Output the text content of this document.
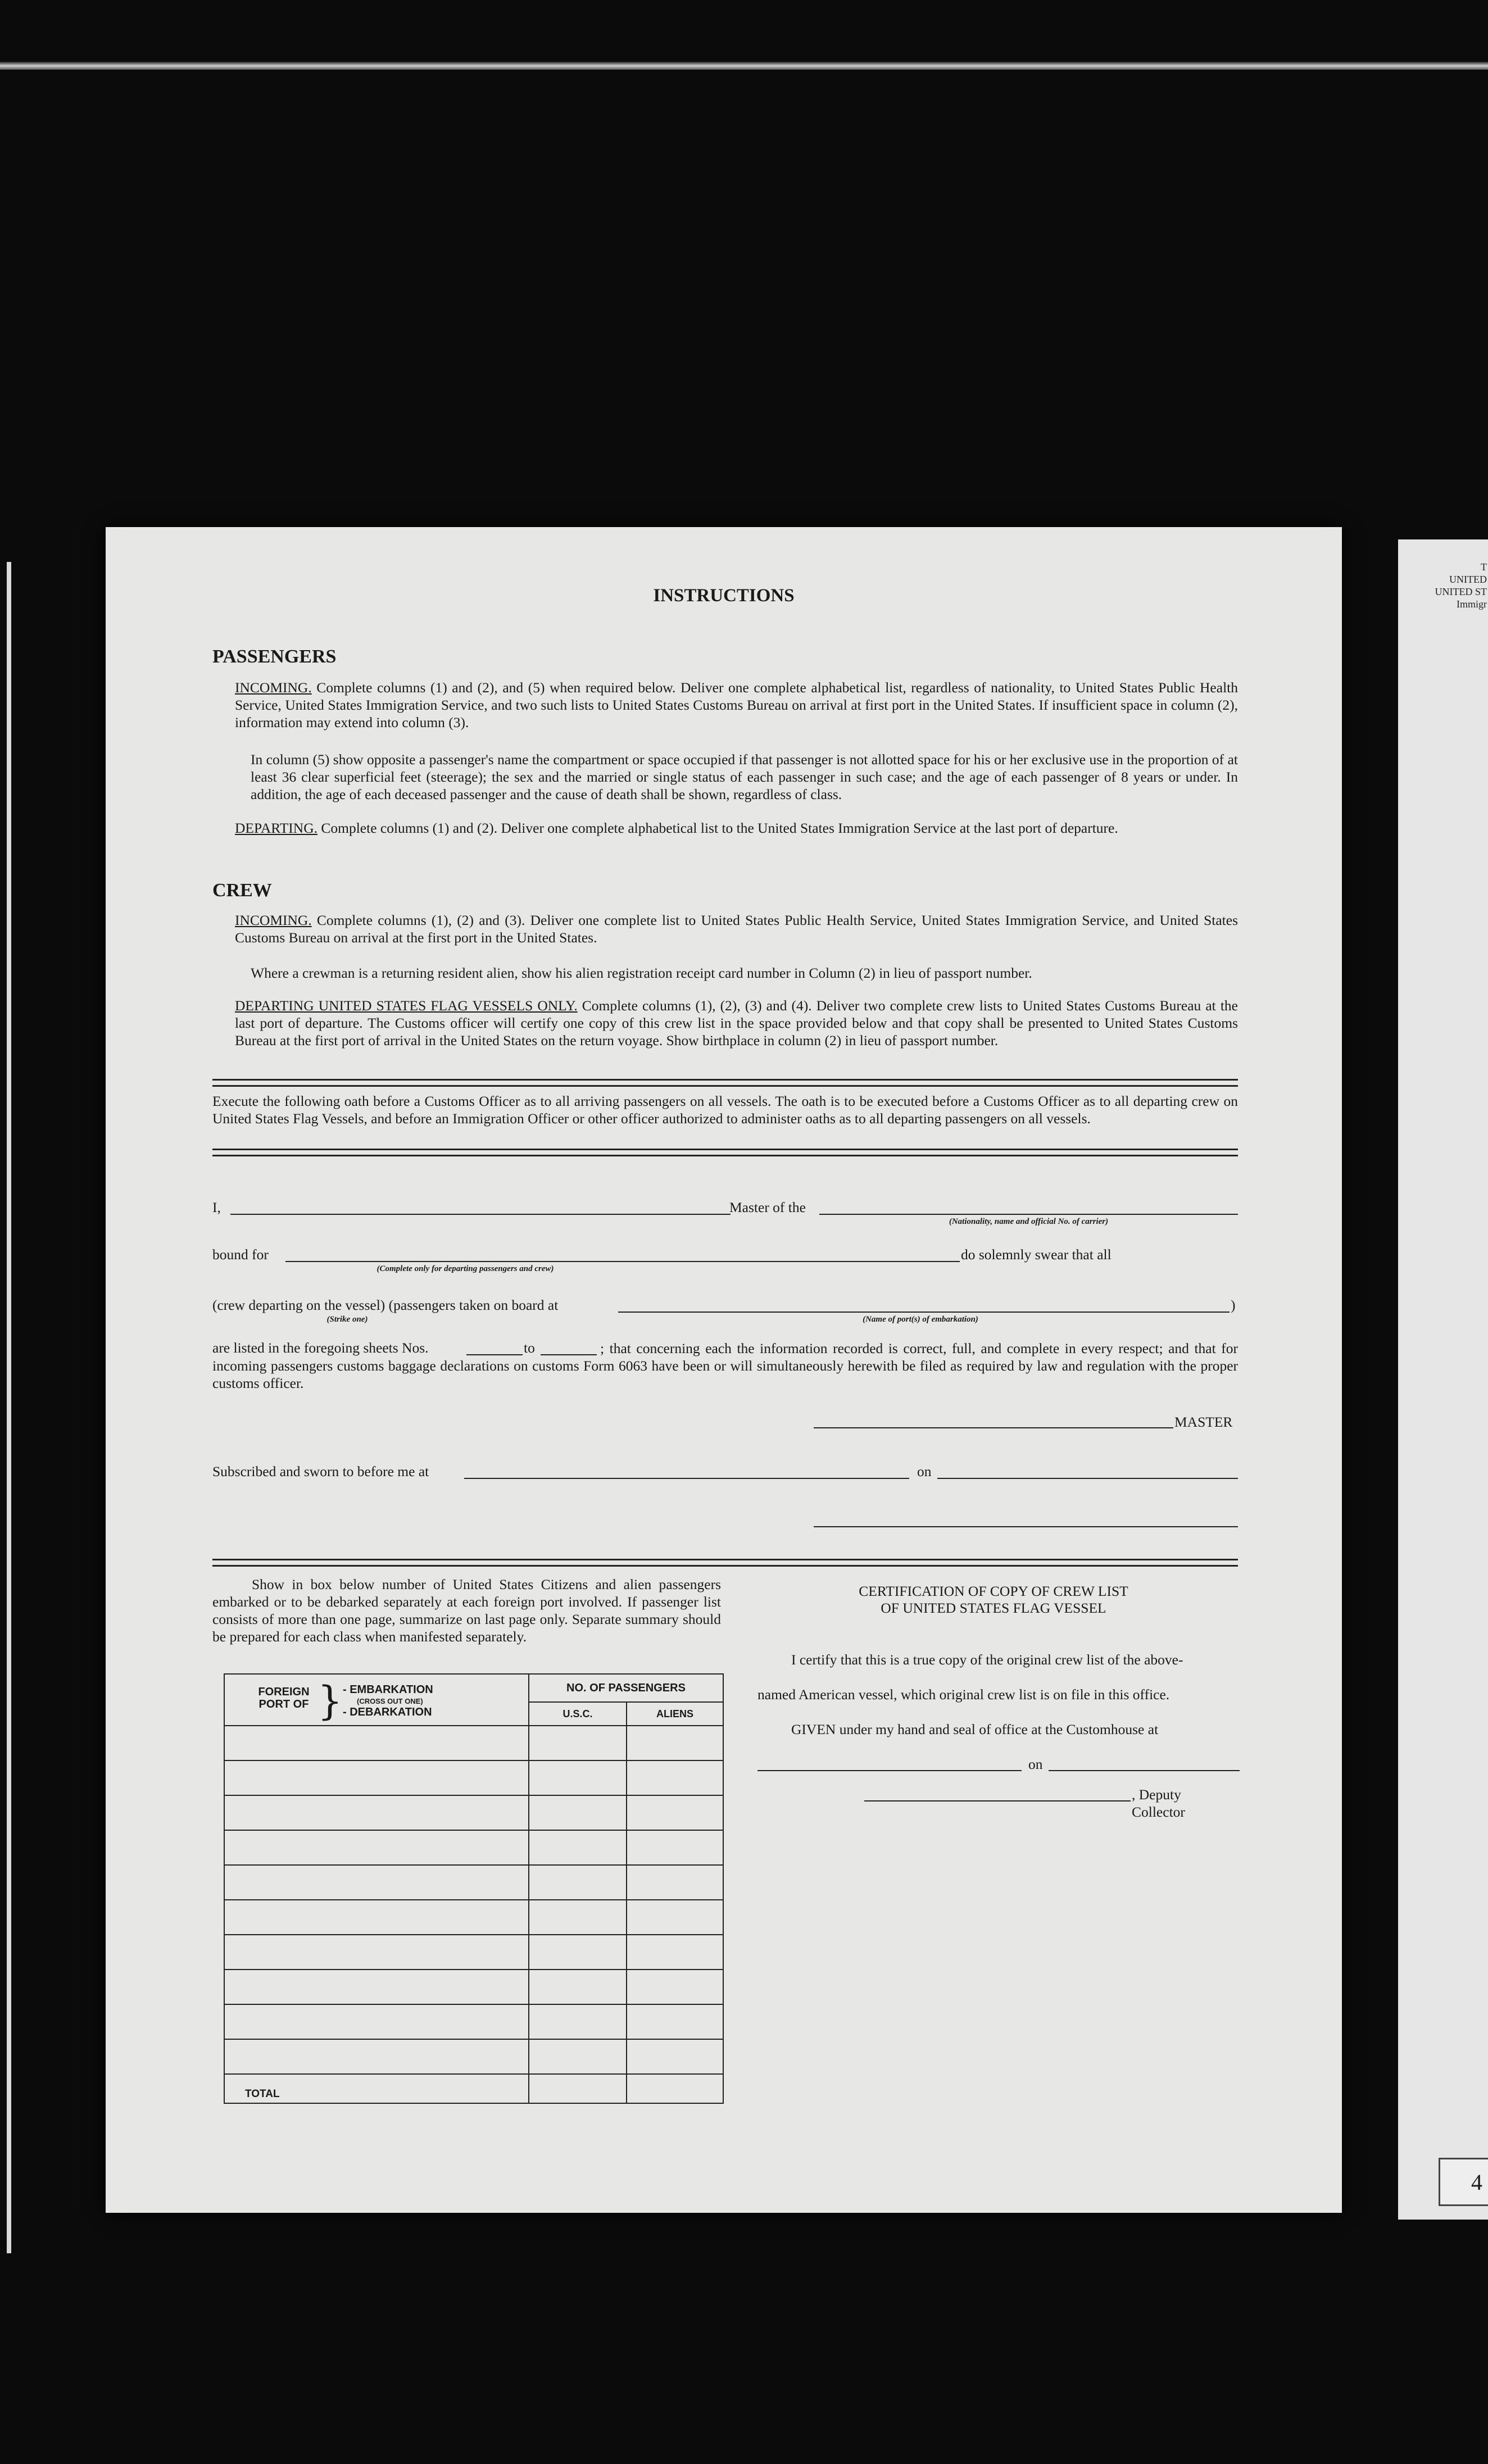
T
UNITED
UNITED ST
Immigr
4
INSTRUCTIONS
PASSENGERS
INCOMING. Complete columns (1) and (2), and (5) when required below. Deliver one complete alphabetical list, regardless of nationality, to United States Public Health Service, United States Immigration Service, and two such lists to United States Customs Bureau on arrival at first port in the United States. If insufficient space in column (2), information may extend into column (3).
In column (5) show opposite a passenger's name the compartment or space occupied if that passenger is not allotted space for his or her exclusive use in the proportion of at least 36 clear superficial feet (steerage); the sex and the married or single status of each passenger in such case; and the age of each passenger of 8 years or under. In addition, the age of each deceased passenger and the cause of death shall be shown, regardless of class.
DEPARTING. Complete columns (1) and (2). Deliver one complete alphabetical list to the United States Immigration Service at the last port of departure.
CREW
INCOMING. Complete columns (1), (2) and (3). Deliver one complete list to United States Public Health Service, United States Immigration Service, and United States Customs Bureau on arrival at the first port in the United States.
Where a crewman is a returning resident alien, show his alien registration receipt card number in Column (2) in lieu of passport number.
DEPARTING UNITED STATES FLAG VESSELS ONLY. Complete columns (1), (2), (3) and (4). Deliver two complete crew lists to United States Customs Bureau at the last port of departure. The Customs officer will certify one copy of this crew list in the space provided below and that copy shall be presented to United States Customs Bureau at the first port of arrival in the United States on the return voyage. Show birthplace in column (2) in lieu of passport number.
Execute the following oath before a Customs Officer as to all arriving passengers on all vessels. The oath is to be executed before a Customs Officer as to all departing crew on United States Flag Vessels, and before an Immigration Officer or other officer authorized to administer oaths as to all departing passengers on all vessels.
I,	Master of the
(Nationality, name and official No. of carrier)
bound for
(Complete only for departing passengers and crew)
do solemnly swear that all
(crew departing on the vessel) (passengers taken on board at	)
(Strike one)	(Name of port(s) of embarkation)
are listed in the foregoing sheets Nos.	to	; that concerning each the information recorded is correct, full, and complete in every respect; and that for incoming passengers customs baggage declarations on customs Form 6063 have been or will simultaneously herewith be filed as required by law and regulation with the proper customs officer.
MASTER
Subscribed and sworn to before me at	on
Show in box below number of United States Citizens and alien passengers embarked or to be debarked separately at each foreign port involved. If passenger list consists of more than one page, summarize on last page only. Separate summary should be prepared for each class when manifested separately.
FOREIGN PORT OF } - EMBARKATION
(CROSS OUT ONE)
- DEBARKATION	NO. OF PASSENGERS	
	U.S.C.	ALIENS

TOTAL		
CERTIFICATION OF COPY OF CREW LIST
OF UNITED STATES FLAG VESSEL
I certify that this is a true copy of the original crew list of the above-
named American vessel, which original crew list is on file in this office.
GIVEN under my hand and seal of office at the Customhouse at
on
, Deputy Collector
